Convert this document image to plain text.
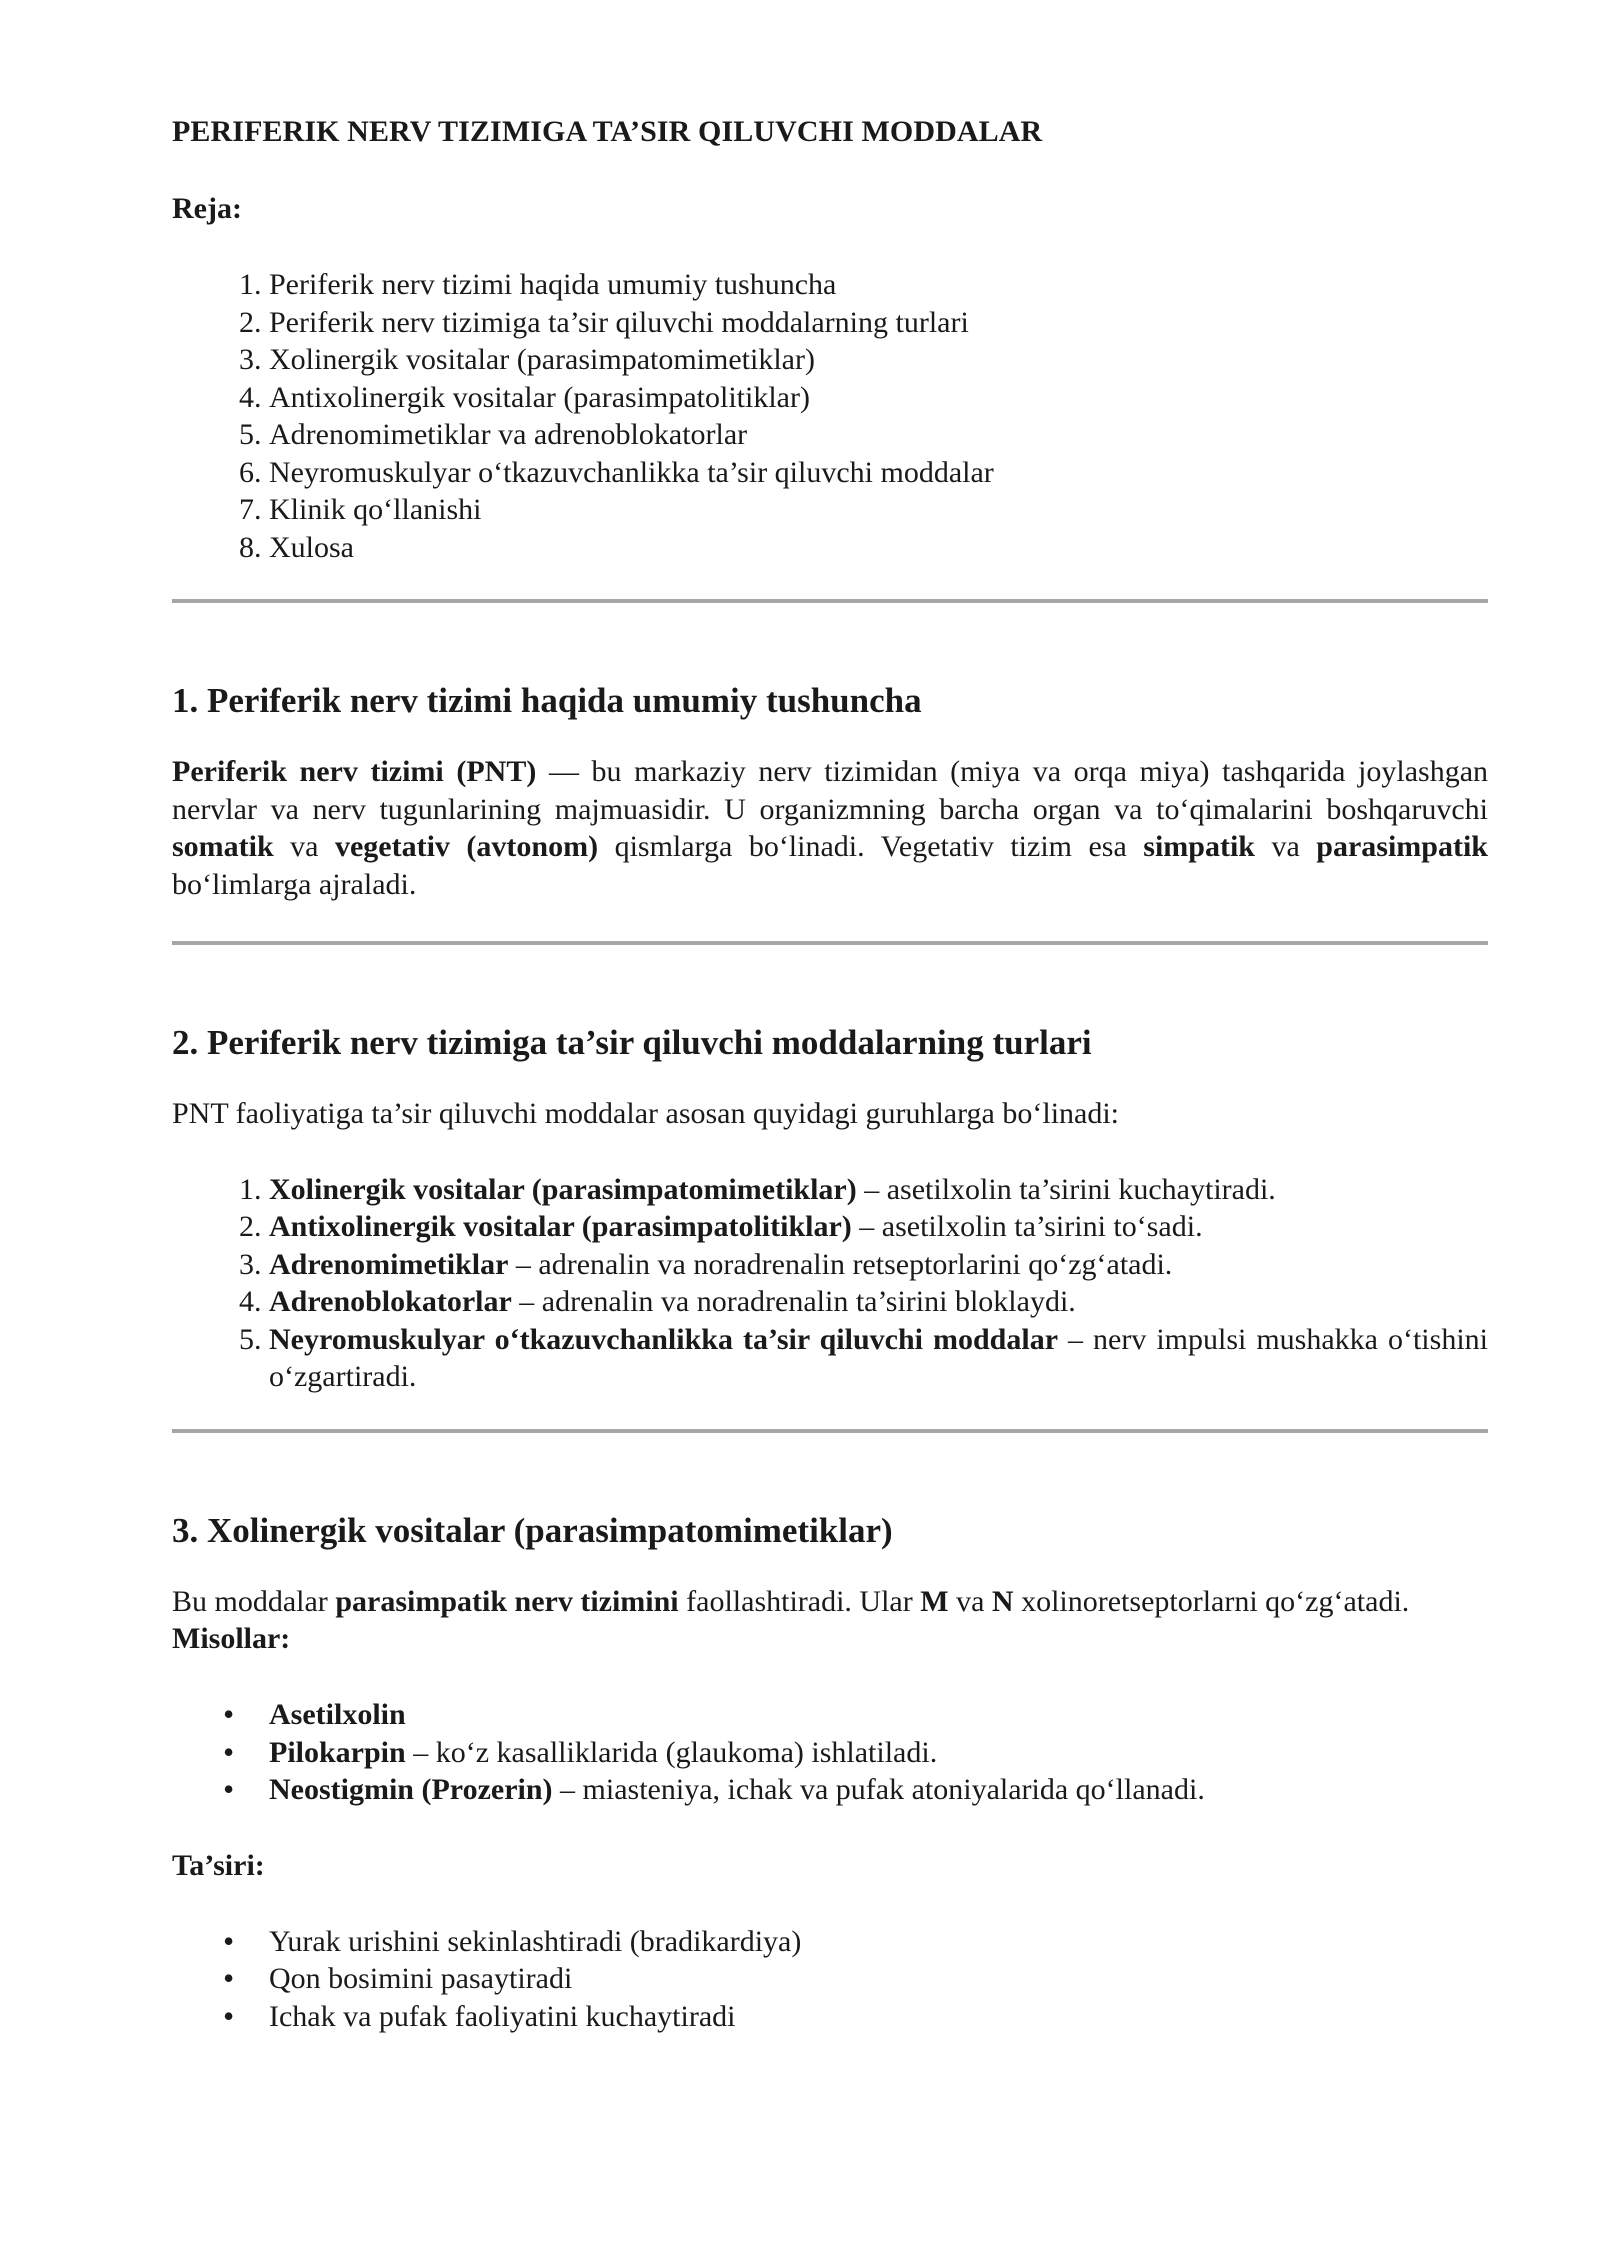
PERIFERIK NERV TIZIMIGA TA’SIR QILUVCHI MODDALAR

Reja:

1. Periferik nerv tizimi haqida umumiy tushuncha
2. Periferik nerv tizimiga ta’sir qiluvchi moddalarning turlari
3. Xolinergik vositalar (parasimpatomimetiklar)
4. Antixolinergik vositalar (parasimpatolitiklar)
5. Adrenomimetiklar va adrenoblokatorlar
6. Neyromuskulyar o‘tkazuvchanlikka ta’sir qiluvchi moddalar
7. Klinik qo‘llanishi
8. Xulosa
1. Periferik nerv tizimi haqida umumiy tushuncha

Periferik nerv tizimi (PNT) — bu markaziy nerv tizimidan (miya va orqa miya) tashqarida joylashgan nervlar va nerv tugunlarining majmuasidir. U organizmning barcha organ va to‘qimalarini boshqaruvchi somatik va vegetativ (avtonom) qismlarga bo‘linadi. Vegetativ tizim esa simpatik va parasimpatik bo‘limlarga ajraladi.

2. Periferik nerv tizimiga ta’sir qiluvchi moddalarning turlari

PNT faoliyatiga ta’sir qiluvchi moddalar asosan quyidagi guruhlarga bo‘linadi:

1. Xolinergik vositalar (parasimpatomimetiklar) – asetilxolin ta’sirini kuchaytiradi.
2. Antixolinergik vositalar (parasimpatolitiklar) – asetilxolin ta’sirini to‘sadi.
3. Adrenomimetiklar – adrenalin va noradrenalin retseptorlarini qo‘zg‘atadi.
4. Adrenoblokatorlar – adrenalin va noradrenalin ta’sirini bloklaydi.
5. Neyromuskulyar o‘tkazuvchanlikka ta’sir qiluvchi moddalar – nerv impulsi mushakka o‘tishini o‘zgartiradi.
3. Xolinergik vositalar (parasimpatomimetiklar)

Bu moddalar parasimpatik nerv tizimini faollashtiradi. Ular M va N xolinoretseptorlarni qo‘zg‘atadi.

Misollar:

• Asetilxolin
• Pilokarpin – ko‘z kasalliklarida (glaukoma) ishlatiladi.
• Neostigmin (Prozerin) – miasteniya, ichak va pufak atoniyalarida qo‘llanadi.

Ta’siri:

• Yurak urishini sekinlashtiradi (bradikardiya)
• Qon bosimini pasaytiradi
• Ichak va pufak faoliyatini kuchaytiradi
